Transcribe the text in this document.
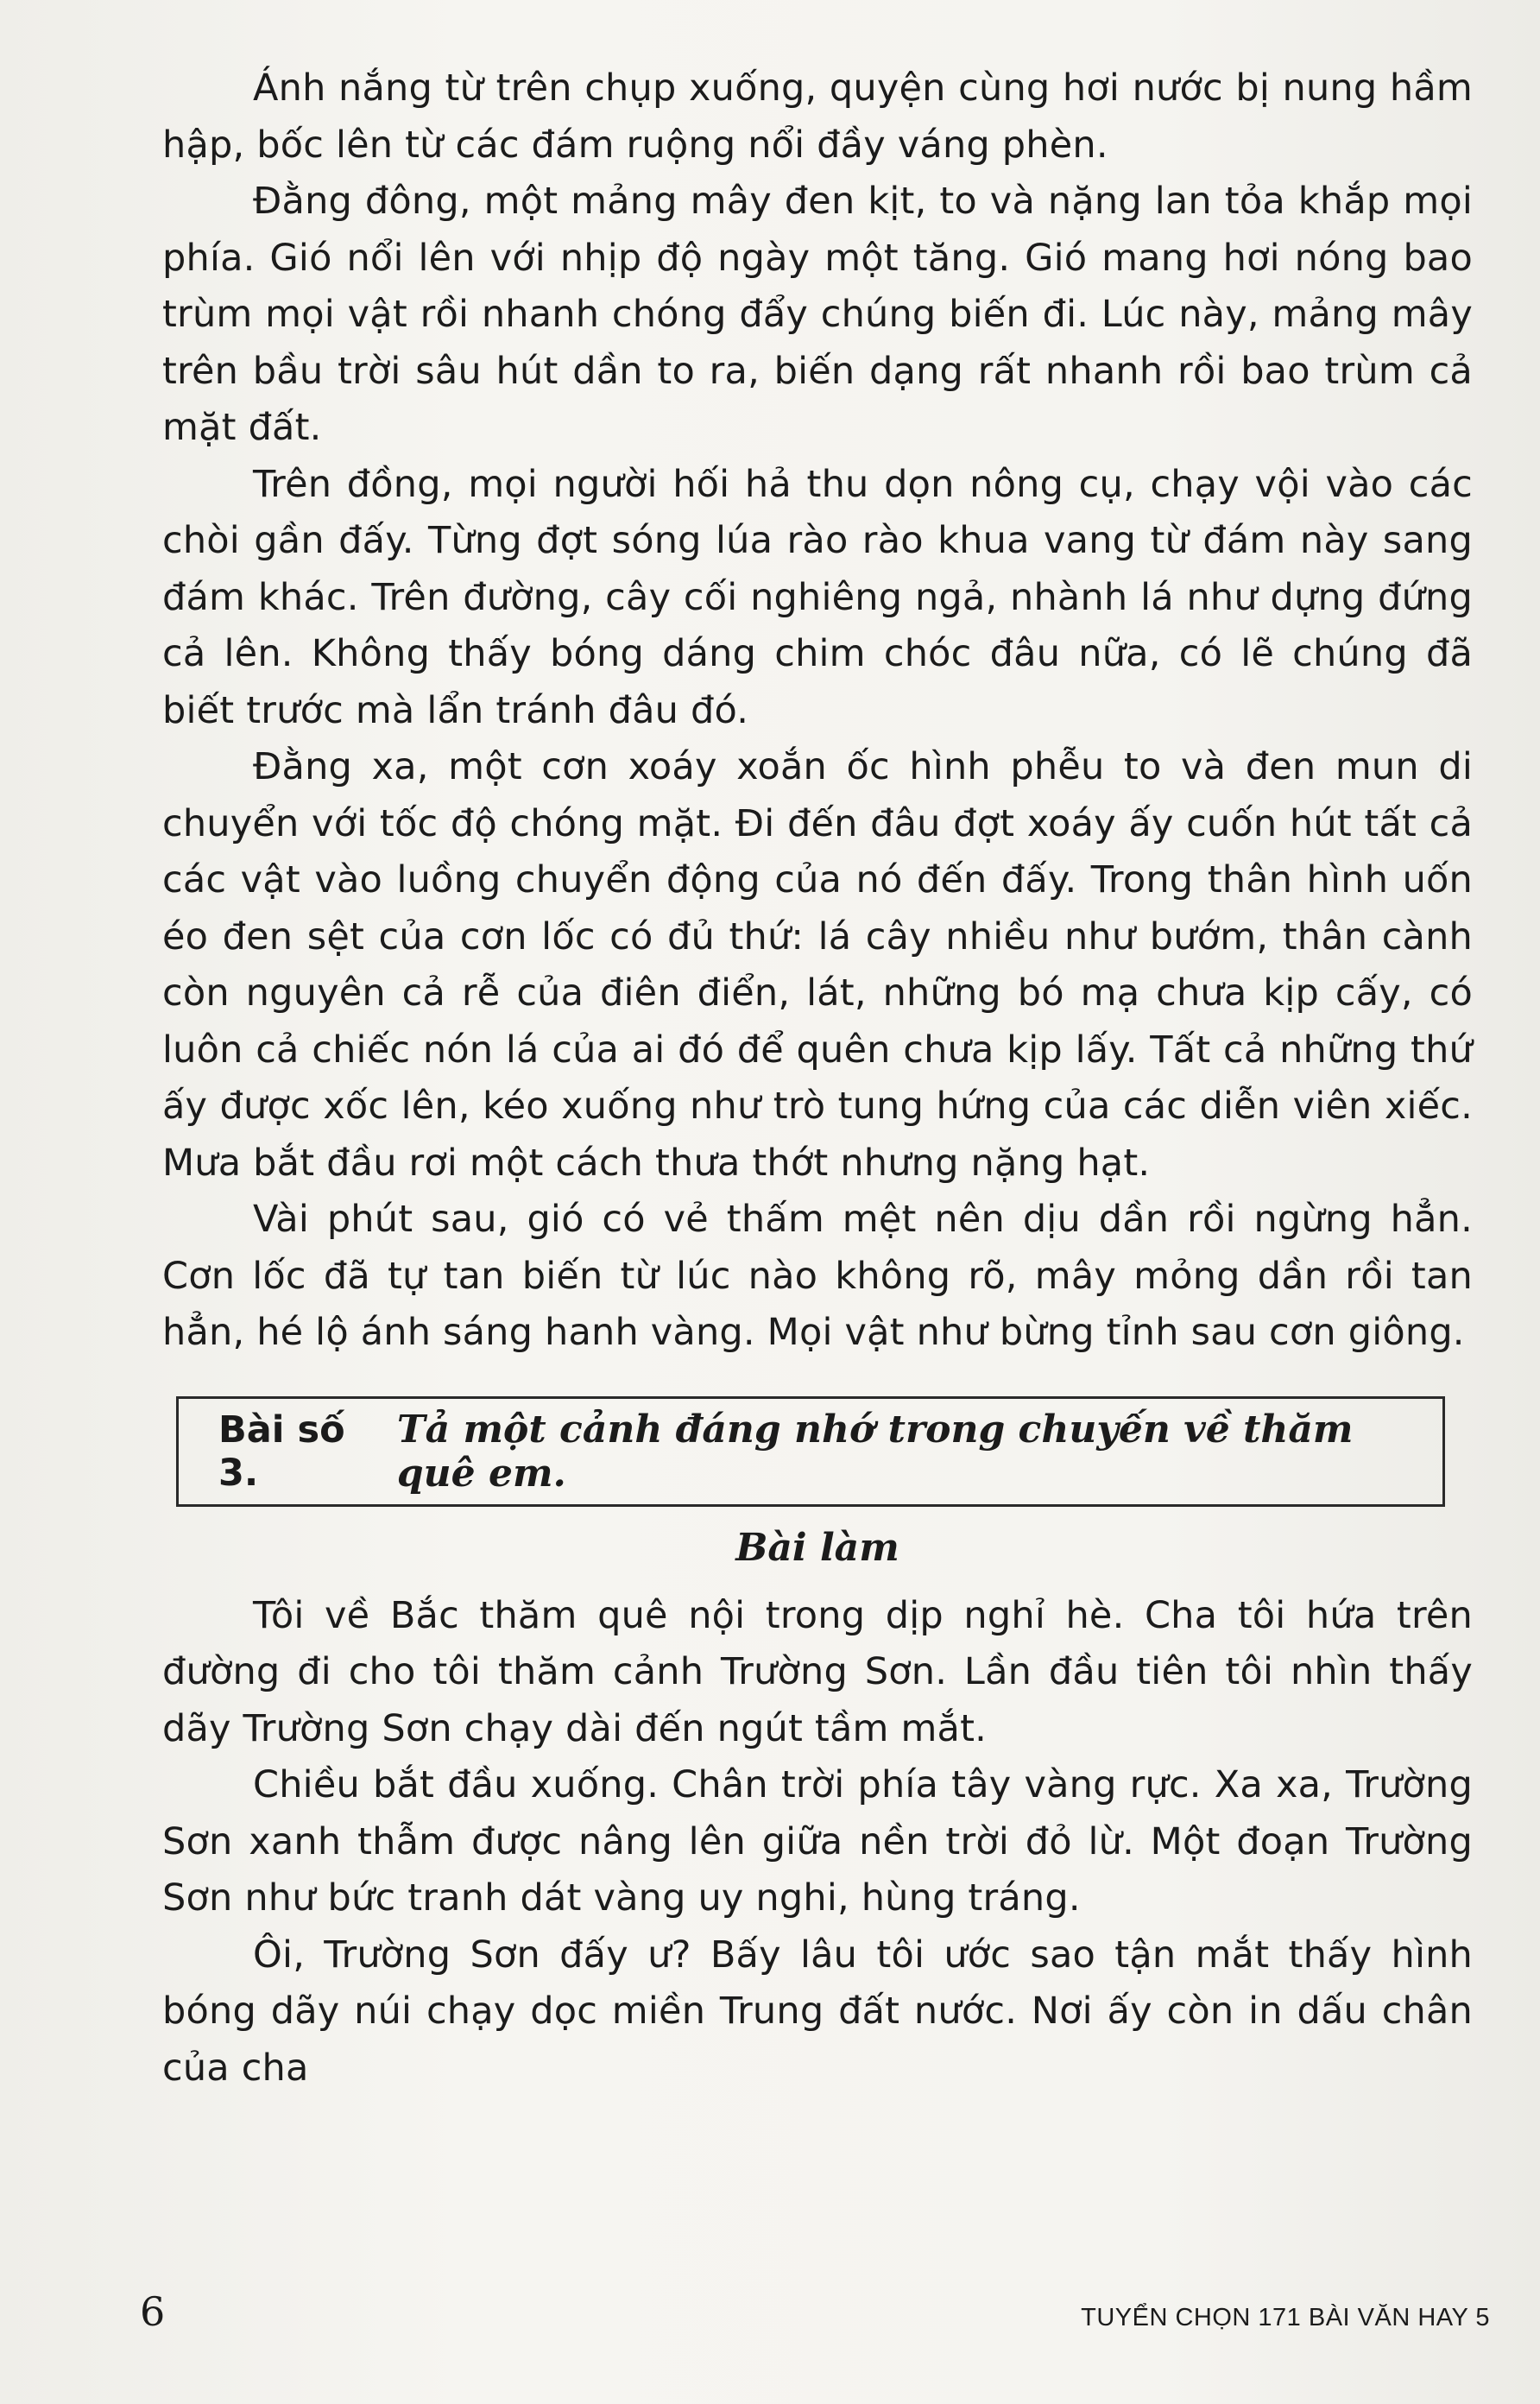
Ánh nắng từ trên chụp xuống, quyện cùng hơi nước bị nung hầm hập, bốc lên từ các đám ruộng nổi đầy váng phèn.

Đằng đông, một mảng mây đen kịt, to và nặng lan tỏa khắp mọi phía. Gió nổi lên với nhịp độ ngày một tăng. Gió mang hơi nóng bao trùm mọi vật rồi nhanh chóng đẩy chúng biến đi. Lúc này, mảng mây trên bầu trời sâu hút dần to ra, biến dạng rất nhanh rồi bao trùm cả mặt đất.

Trên đồng, mọi người hối hả thu dọn nông cụ, chạy vội vào các chòi gần đấy. Từng đợt sóng lúa rào rào khua vang từ đám này sang đám khác. Trên đường, cây cối nghiêng ngả, nhành lá như dựng đứng cả lên. Không thấy bóng dáng chim chóc đâu nữa, có lẽ chúng đã biết trước mà lẩn tránh đâu đó.

Đằng xa, một cơn xoáy xoắn ốc hình phễu to và đen mun di chuyển với tốc độ chóng mặt. Đi đến đâu đợt xoáy ấy cuốn hút tất cả các vật vào luồng chuyển động của nó đến đấy. Trong thân hình uốn éo đen sệt của cơn lốc có đủ thứ: lá cây nhiều như bướm, thân cành còn nguyên cả rễ của điên điển, lát, những bó mạ chưa kịp cấy, có luôn cả chiếc nón lá của ai đó để quên chưa kịp lấy. Tất cả những thứ ấy được xốc lên, kéo xuống như trò tung hứng của các diễn viên xiếc. Mưa bắt đầu rơi một cách thưa thớt nhưng nặng hạt.

Vài phút sau, gió có vẻ thấm mệt nên dịu dần rồi ngừng hẳn. Cơn lốc đã tự tan biến từ lúc nào không rõ, mây mỏng dần rồi tan hẳn, hé lộ ánh sáng hanh vàng. Mọi vật như bừng tỉnh sau cơn giông.

Bài số 3.
Tả một cảnh đáng nhớ trong chuyến về thăm quê em.
Bài làm

Tôi về Bắc thăm quê nội trong dịp nghỉ hè. Cha tôi hứa trên đường đi cho tôi thăm cảnh Trường Sơn. Lần đầu tiên tôi nhìn thấy dãy Trường Sơn chạy dài đến ngút tầm mắt.

Chiều bắt đầu xuống. Chân trời phía tây vàng rực. Xa xa, Trường Sơn xanh thẫm được nâng lên giữa nền trời đỏ lừ. Một đoạn Trường Sơn như bức tranh dát vàng uy nghi, hùng tráng.

Ôi, Trường Sơn đấy ư? Bấy lâu tôi ước sao tận mắt thấy hình bóng dãy núi chạy dọc miền Trung đất nước. Nơi ấy còn in dấu chân của cha

6	TUYỂN CHỌN 171 BÀI VĂN HAY 5
